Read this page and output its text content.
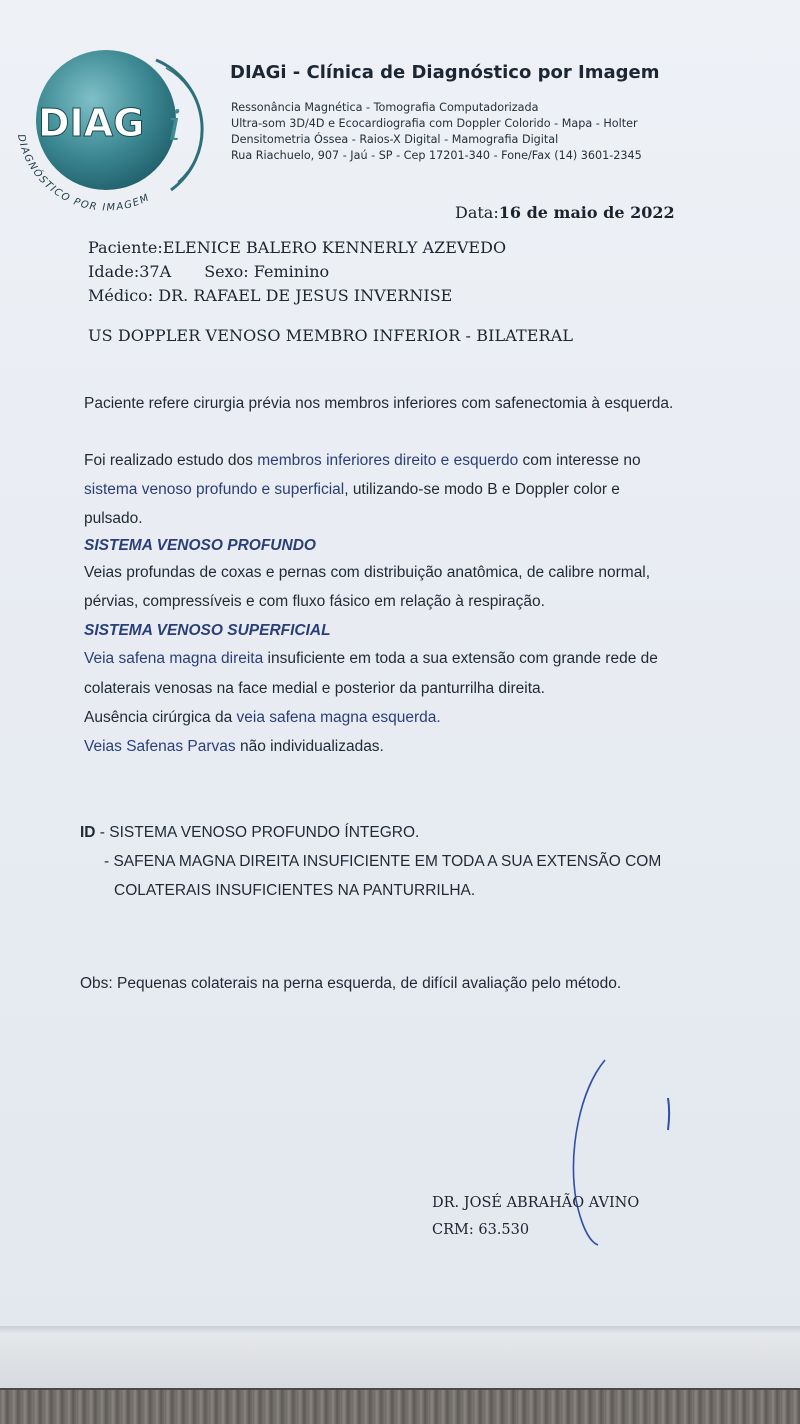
DIAG i
DIAGNÓSTICO POR IMAGEM
DIAGi - Clínica de Diagnóstico por Imagem
Ressonância Magnética - Tomografia Computadorizada
Ultra-som 3D/4D e Ecocardiografia com Doppler Colorido - Mapa - Holter
Densitometria Óssea - Raios-X Digital - Mamografia Digital
Rua Riachuelo, 907 - Jaú - SP - Cep 17201-340 - Fone/Fax (14) 3601-2345
Data:16 de maio de 2022
Paciente:ELENICE BALERO KENNERLY AZEVEDO
Idade:37A Sexo: Feminino
Médico: DR. RAFAEL DE JESUS INVERNISE
US DOPPLER VENOSO MEMBRO INFERIOR - BILATERAL
Paciente refere cirurgia prévia nos membros inferiores com safenectomia à esquerda.
Foi realizado estudo dos membros inferiores direito e esquerdo com interesse no
sistema venoso profundo e superficial, utilizando-se modo B e Doppler color e
pulsado.
SISTEMA VENOSO PROFUNDO
Veias profundas de coxas e pernas com distribuição anatômica, de calibre normal,
pérvias, compressíveis e com fluxo fásico em relação à respiração.
SISTEMA VENOSO SUPERFICIAL
Veia safena magna direita insuficiente em toda a sua extensão com grande rede de
colaterais venosas na face medial e posterior da panturrilha direita.
Ausência cirúrgica da veia safena magna esquerda.
Veias Safenas Parvas não individualizadas.
ID - SISTEMA VENOSO PROFUNDO ÍNTEGRO.
- SAFENA MAGNA DIREITA INSUFICIENTE EM TODA A SUA EXTENSÃO COM
COLATERAIS INSUFICIENTES NA PANTURRILHA.
Obs: Pequenas colaterais na perna esquerda, de difícil avaliação pelo método.
DR. JOSÉ ABRAHÃO AVINO
CRM: 63.530
